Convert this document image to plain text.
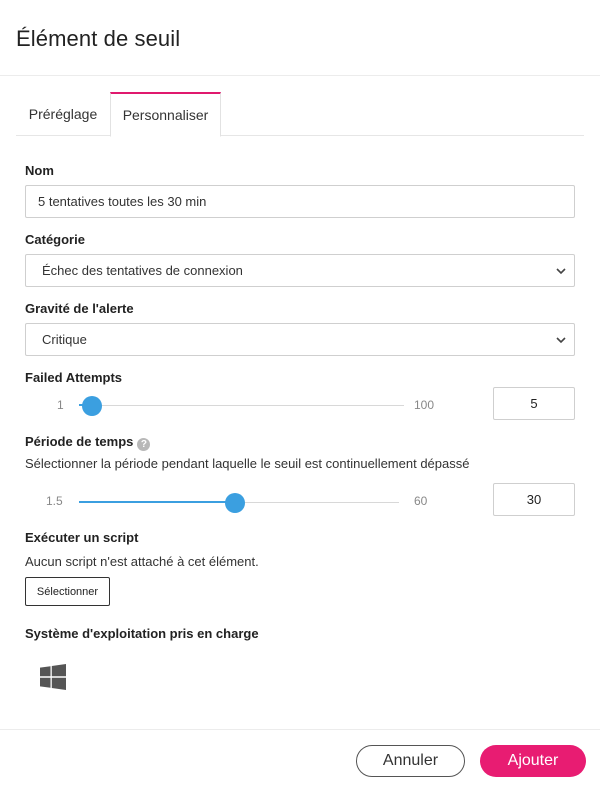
Élément de seuil
Préréglage	Personnaliser
Nom
5 tentatives toutes les 30 min
Catégorie
Échec des tentatives de connexion
Gravité de l'alerte
Critique
Failed Attempts
1	100	5
Période de temps ?
Sélectionner la période pendant laquelle le seuil est continuellement dépassé
1.5	60	30
Exécuter un script
Aucun script n'est attaché à cet élément.
Sélectionner
Système d'exploitation pris en charge
Annuler	Ajouter
